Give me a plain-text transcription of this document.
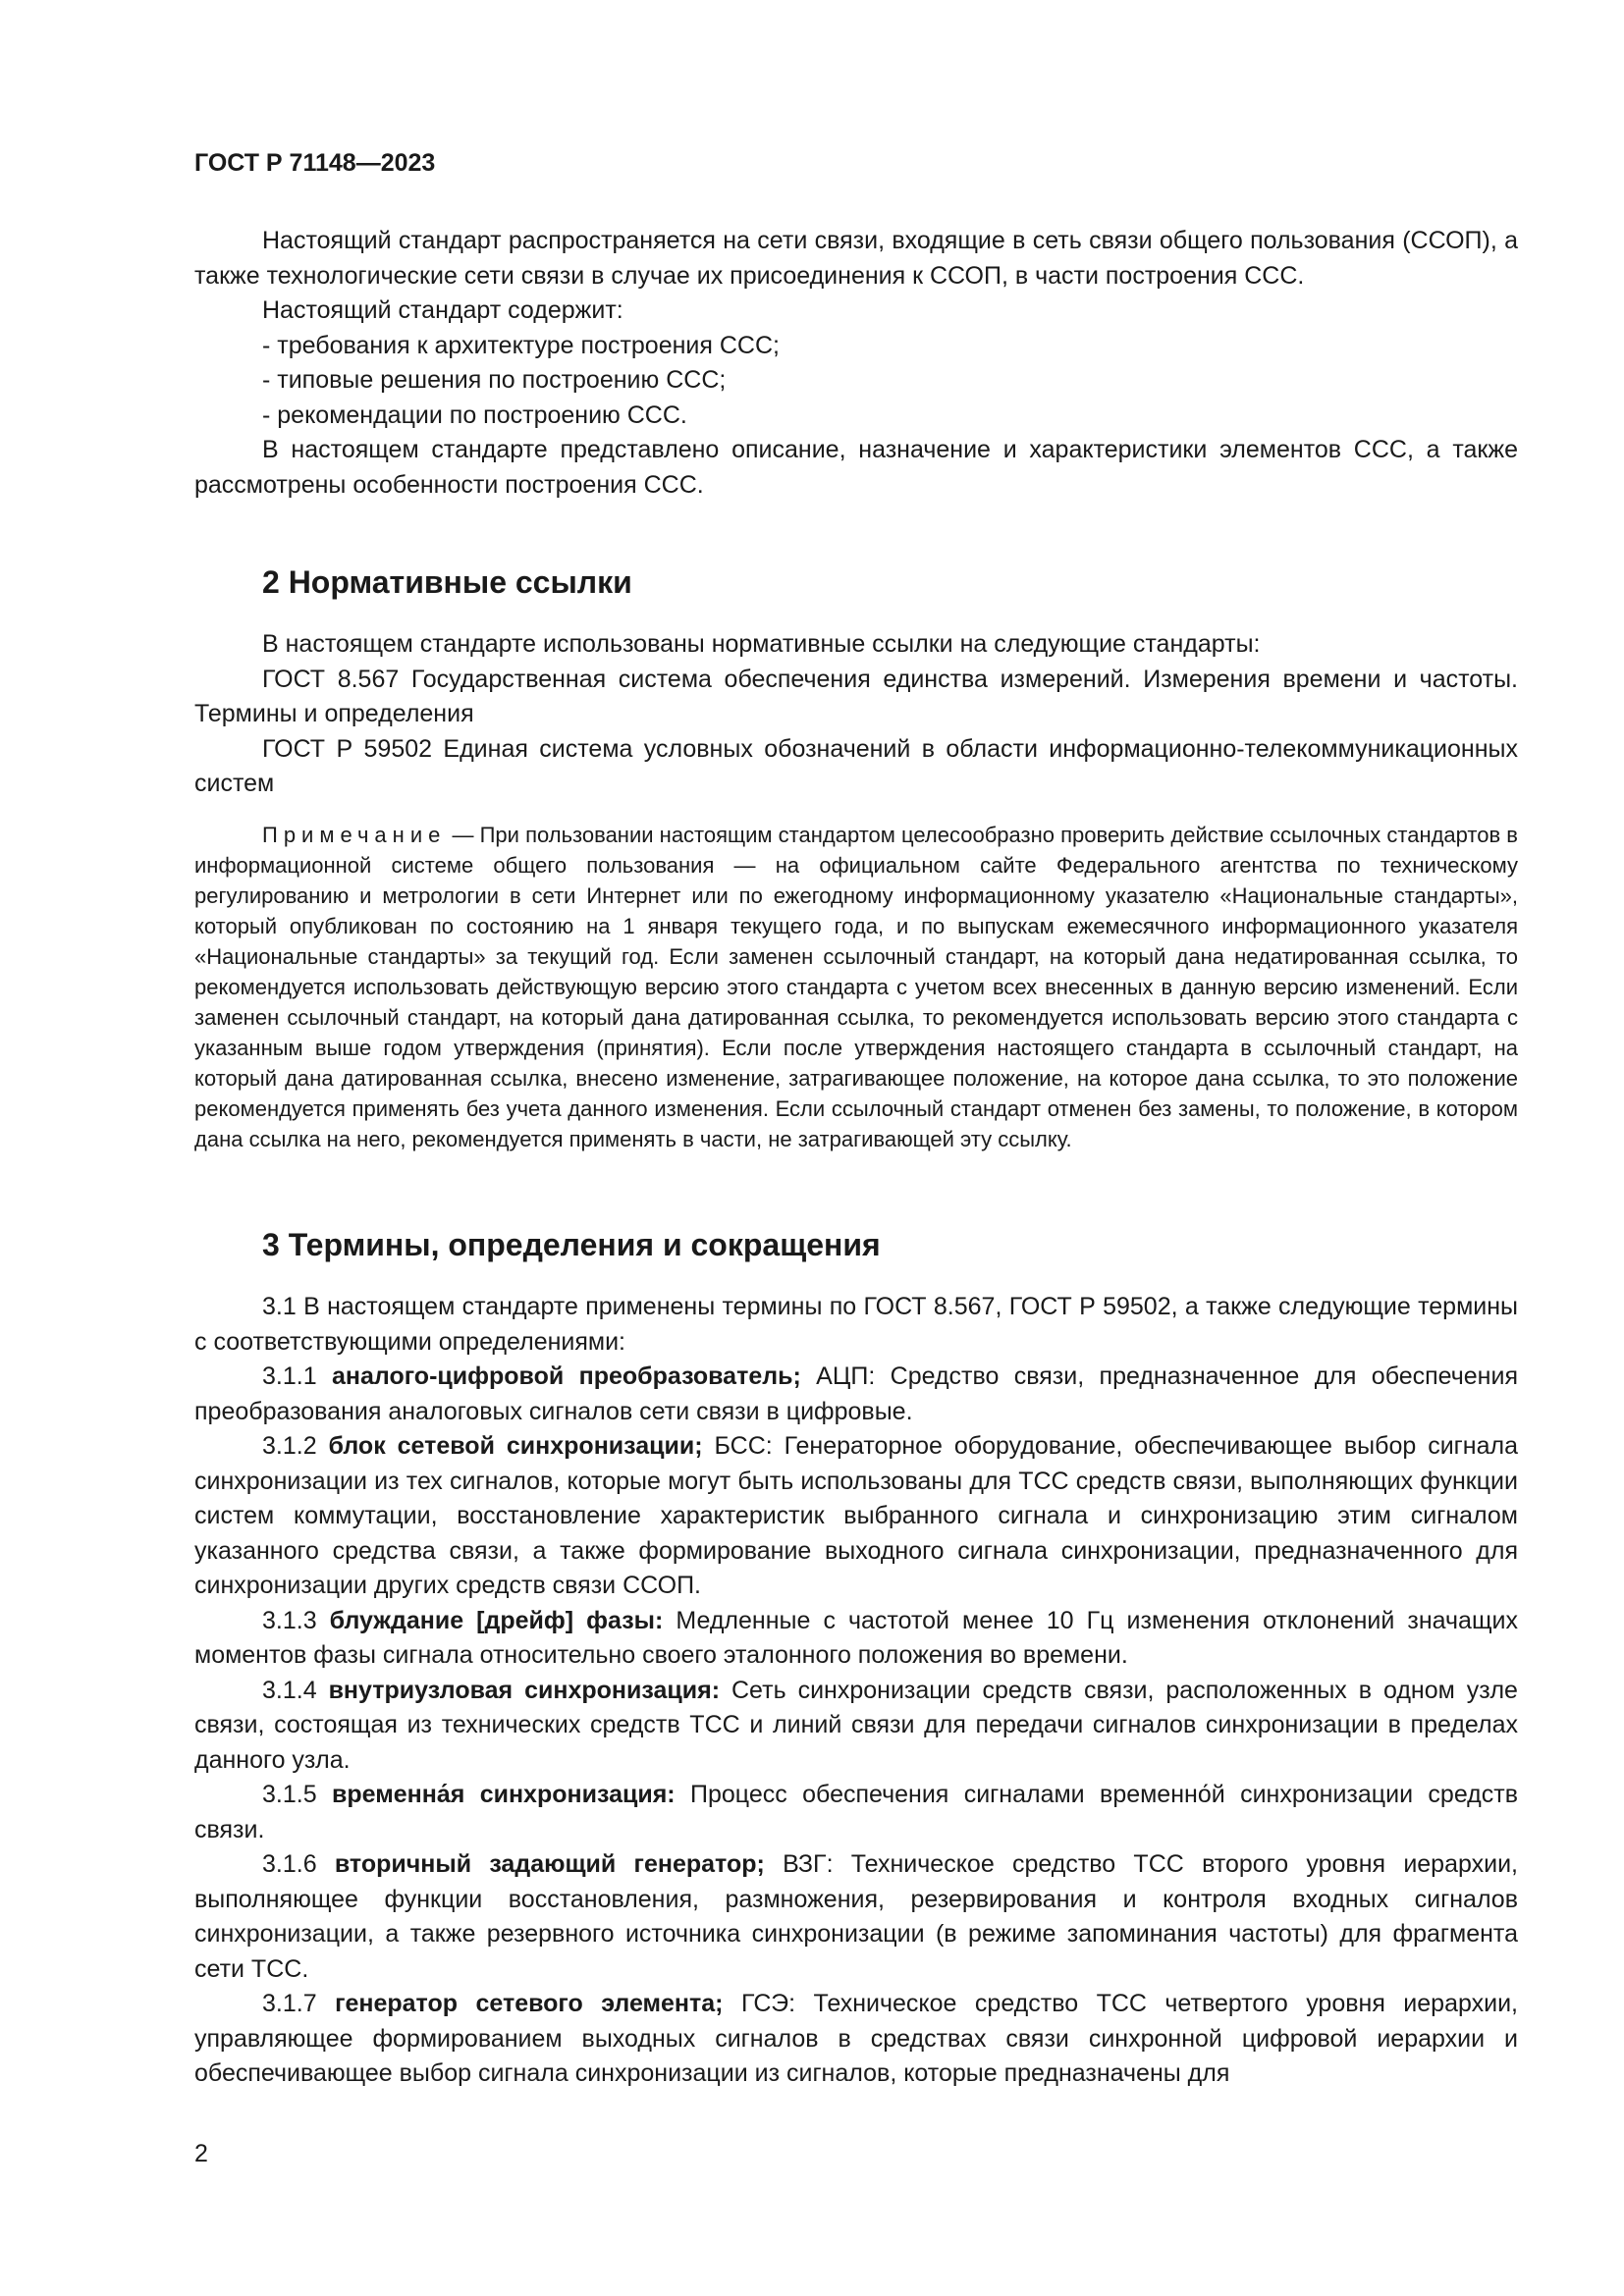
ГОСТ Р 71148—2023

Настоящий стандарт распространяется на сети связи, входящие в сеть связи общего пользования (ССОП), а также технологические сети связи в случае их присоединения к ССОП, в части построения ССС.

Настоящий стандарт содержит:

- требования к архитектуре построения ССС;

- типовые решения по построению ССС;

- рекомендации по построению ССС.

В настоящем стандарте представлено описание, назначение и характеристики элементов ССС, а также рассмотрены особенности построения ССС.

2 Нормативные ссылки

В настоящем стандарте использованы нормативные ссылки на следующие стандарты:

ГОСТ 8.567 Государственная система обеспечения единства измерений. Измерения времени и частоты. Термины и определения

ГОСТ Р 59502 Единая система условных обозначений в области информационно-телекоммуникационных систем

Примечание — При пользовании настоящим стандартом целесообразно проверить действие ссылочных стандартов в информационной системе общего пользования — на официальном сайте Федерального агентства по техническому регулированию и метрологии в сети Интернет или по ежегодному информационному указателю «Национальные стандарты», который опубликован по состоянию на 1 января текущего года, и по выпускам ежемесячного информационного указателя «Национальные стандарты» за текущий год. Если заменен ссылочный стандарт, на который дана недатированная ссылка, то рекомендуется использовать действующую версию этого стандарта с учетом всех внесенных в данную версию изменений. Если заменен ссылочный стандарт, на который дана датированная ссылка, то рекомендуется использовать версию этого стандарта с указанным выше годом утверждения (принятия). Если после утверждения настоящего стандарта в ссылочный стандарт, на который дана датированная ссылка, внесено изменение, затрагивающее положение, на которое дана ссылка, то это положение рекомендуется применять без учета данного изменения. Если ссылочный стандарт отменен без замены, то положение, в котором дана ссылка на него, рекомендуется применять в части, не затрагивающей эту ссылку.

3 Термины, определения и сокращения

3.1 В настоящем стандарте применены термины по ГОСТ 8.567, ГОСТ Р 59502, а также следующие термины с соответствующими определениями:

3.1.1 аналого-цифровой преобразователь; АЦП: Средство связи, предназначенное для обеспечения преобразования аналоговых сигналов сети связи в цифровые.

3.1.2 блок сетевой синхронизации; БСС: Генераторное оборудование, обеспечивающее выбор сигнала синхронизации из тех сигналов, которые могут быть использованы для ТСС средств связи, выполняющих функции систем коммутации, восстановление характеристик выбранного сигнала и синхронизацию этим сигналом указанного средства связи, а также формирование выходного сигнала синхронизации, предназначенного для синхронизации других средств связи ССОП.

3.1.3 блуждание [дрейф] фазы: Медленные с частотой менее 10 Гц изменения отклонений значащих моментов фазы сигнала относительно своего эталонного положения во времени.

3.1.4 внутриузловая синхронизация: Сеть синхронизации средств связи, расположенных в одном узле связи, состоящая из технических средств ТСС и линий связи для передачи сигналов синхронизации в пределах данного узла.

3.1.5 временна́я синхронизация: Процесс обеспечения сигналами временно́й синхронизации средств связи.

3.1.6 вторичный задающий генератор; ВЗГ: Техническое средство ТСС второго уровня иерархии, выполняющее функции восстановления, размножения, резервирования и контроля входных сигналов синхронизации, а также резервного источника синхронизации (в режиме запоминания частоты) для фрагмента сети ТСС.

3.1.7 генератор сетевого элемента; ГСЭ: Техническое средство ТСС четвертого уровня иерархии, управляющее формированием выходных сигналов в средствах связи синхронной цифровой иерархии и обеспечивающее выбор сигнала синхронизации из сигналов, которые предназначены для

2
